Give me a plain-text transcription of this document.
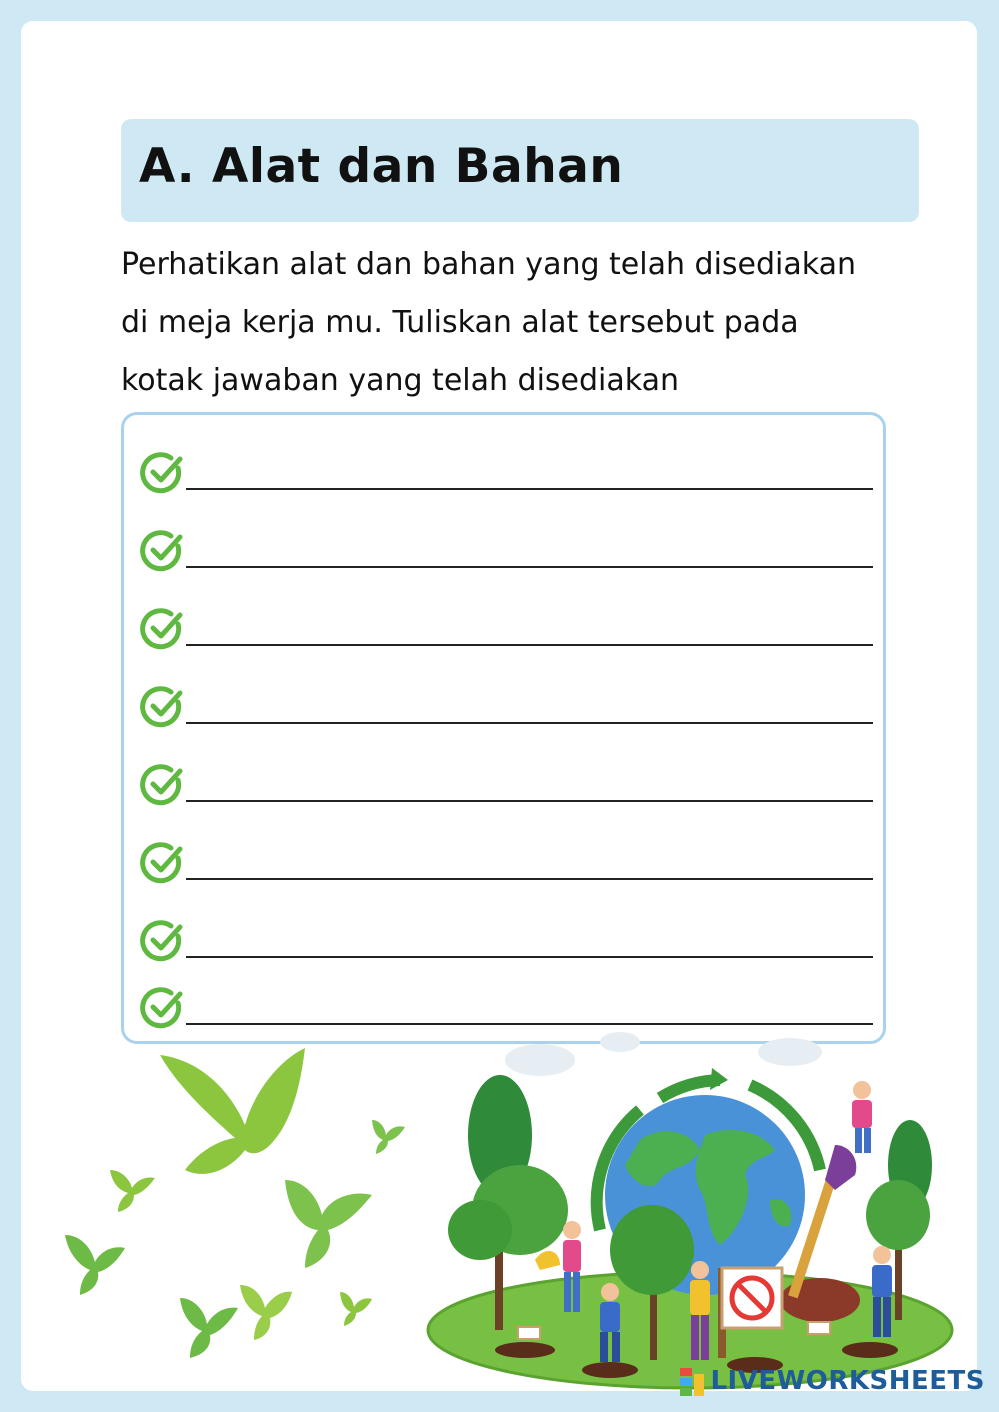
A. Alat dan Bahan
Perhatikan alat dan bahan yang telah disediakan
di meja kerja mu. Tuliskan alat tersebut pada
kotak jawaban yang telah disediakan
LIVEWORKSHEETS
